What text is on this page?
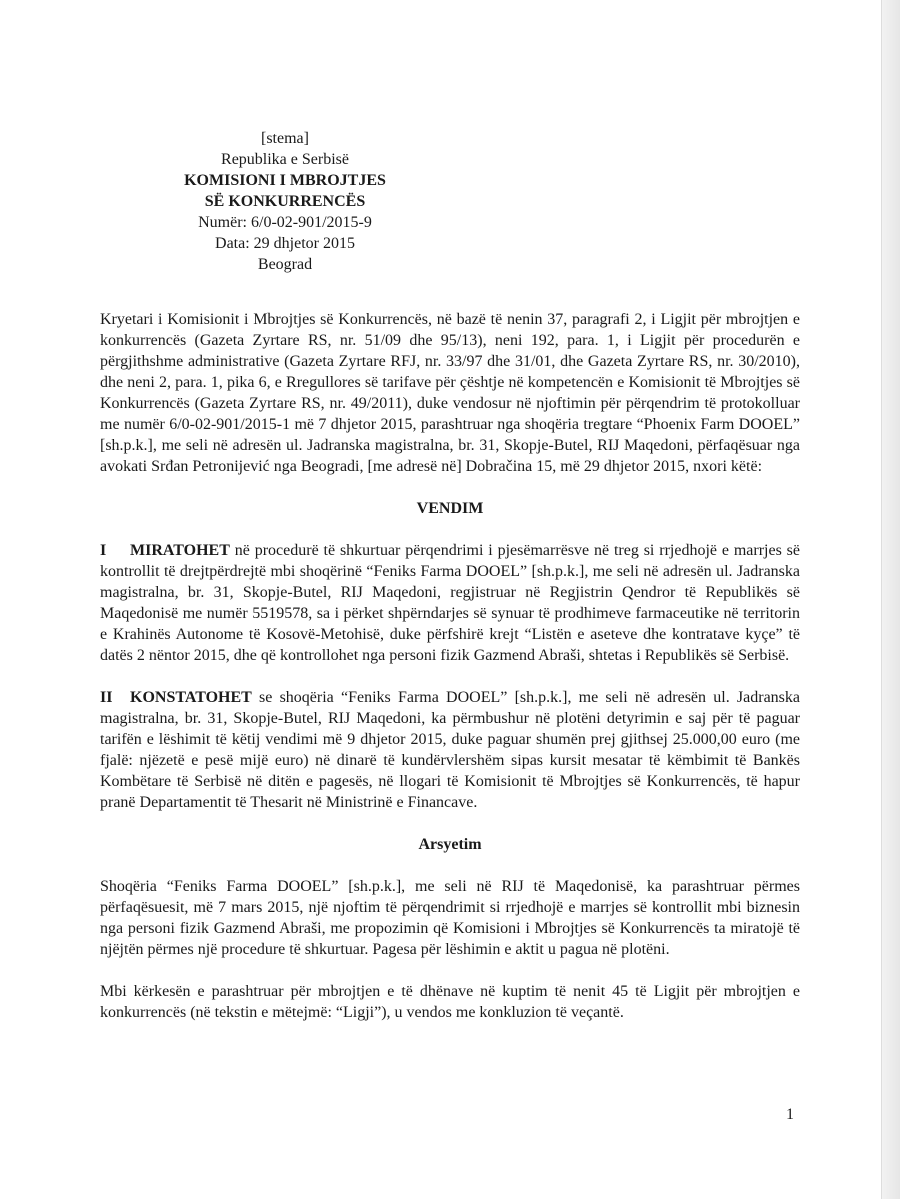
[stema]
Republika e Serbisë
KOMISIONI I MBROJTJES
SË KONKURRENCËS
Numër: 6/0-02-901/2015-9
Data: 29 dhjetor 2015
Beograd

Kryetari i Komisionit i Mbrojtjes së Konkurrencës, në bazë të nenin 37, paragrafi 2, i Ligjit për mbrojtjen e konkurrencës (Gazeta Zyrtare RS, nr. 51/09 dhe 95/13), neni 192, para. 1, i Ligjit për procedurën e përgjithshme administrative (Gazeta Zyrtare RFJ, nr. 33/97 dhe 31/01, dhe Gazeta Zyrtare RS, nr. 30/2010), dhe neni 2, para. 1, pika 6, e Rregullores së tarifave për çështje në kompetencën e Komisionit të Mbrojtjes së Konkurrencës (Gazeta Zyrtare RS, nr. 49/2011), duke vendosur në njoftimin për përqendrim të protokolluar me numër 6/0-02-901/2015-1 më 7 dhjetor 2015, parashtruar nga shoqëria tregtare “Phoenix Farm DOOEL” [sh.p.k.], me seli në adresën ul. Jadranska magistralna, br. 31, Skopje-Butel, RIJ Maqedoni, përfaqësuar nga avokati Srđan Petronijević nga Beogradi, [me adresë në] Dobračina 15, më 29 dhjetor 2015, nxori këtë:

VENDIM

I MIRATOHET në procedurë të shkurtuar përqendrimi i pjesëmarrësve në treg si rrjedhojë e marrjes së kontrollit të drejtpërdrejtë mbi shoqërinë “Feniks Farma DOOEL” [sh.p.k.], me seli në adresën ul. Jadranska magistralna, br. 31, Skopje-Butel, RIJ Maqedoni, regjistruar në Regjistrin Qendror të Republikës së Maqedonisë me numër 5519578, sa i përket shpërndarjes së synuar të prodhimeve farmaceutike në territorin e Krahinës Autonome të Kosovë-Metohisë, duke përfshirë krejt “Listën e aseteve dhe kontratave kyçe” të datës 2 nëntor 2015, dhe që kontrollohet nga personi fizik Gazmend Abraši, shtetas i Republikës së Serbisë.

II KONSTATOHET se shoqëria “Feniks Farma DOOEL” [sh.p.k.], me seli në adresën ul. Jadranska magistralna, br. 31, Skopje-Butel, RIJ Maqedoni, ka përmbushur në plotëni detyrimin e saj për të paguar tarifën e lëshimit të këtij vendimi më 9 dhjetor 2015, duke paguar shumën prej gjithsej 25.000,00 euro (me fjalë: njëzetë e pesë mijë euro) në dinarë të kundërvlershëm sipas kursit mesatar të këmbimit të Bankës Kombëtare të Serbisë në ditën e pagesës, në llogari të Komisionit të Mbrojtjes së Konkurrencës, të hapur pranë Departamentit të Thesarit në Ministrinë e Financave.

Arsyetim

Shoqëria “Feniks Farma DOOEL” [sh.p.k.], me seli në RIJ të Maqedonisë, ka parashtruar përmes përfaqësuesit, më 7 mars 2015, një njoftim të përqendrimit si rrjedhojë e marrjes së kontrollit mbi biznesin nga personi fizik Gazmend Abraši, me propozimin që Komisioni i Mbrojtjes së Konkurrencës ta miratojë të njëjtën përmes një procedure të shkurtuar. Pagesa për lëshimin e aktit u pagua në plotëni.

Mbi kërkesën e parashtruar për mbrojtjen e të dhënave në kuptim të nenit 45 të Ligjit për mbrojtjen e konkurrencës (në tekstin e mëtejmë: “Ligji”), u vendos me konkluzion të veçantë.

1
